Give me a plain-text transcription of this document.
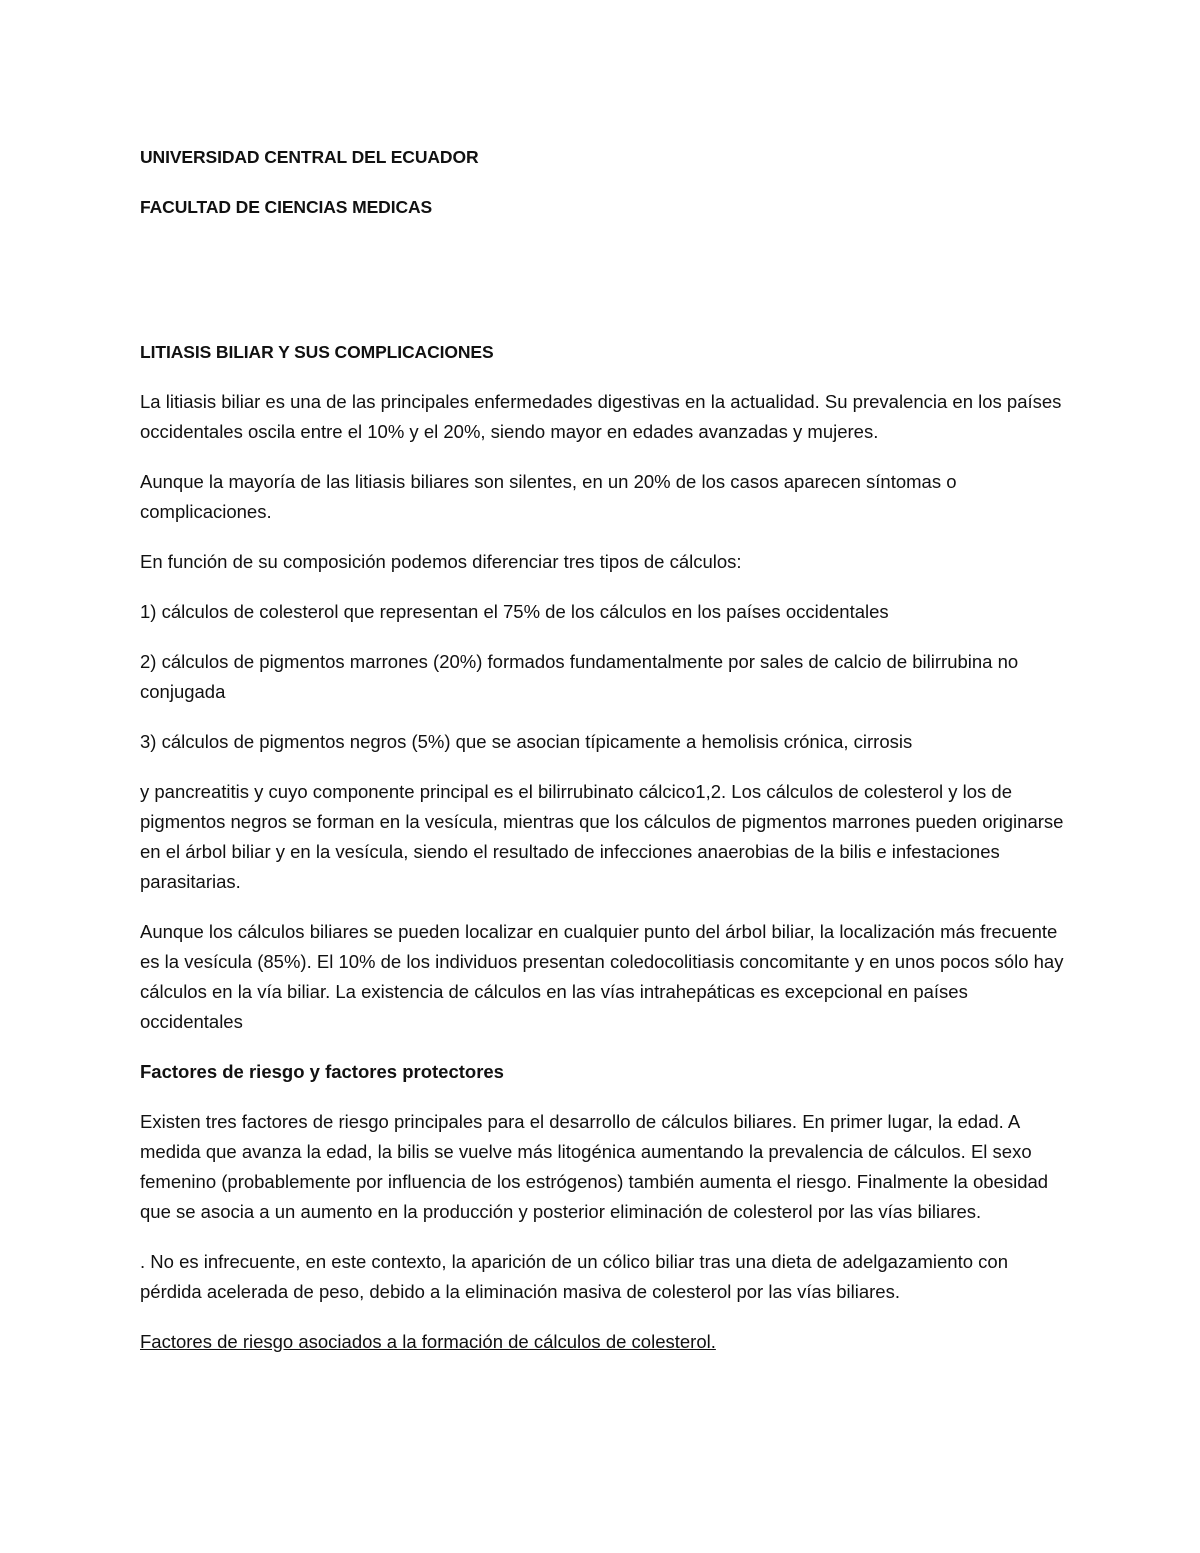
UNIVERSIDAD CENTRAL DEL ECUADOR

FACULTAD DE CIENCIAS MEDICAS

LITIASIS BILIAR Y SUS COMPLICACIONES

La litiasis biliar es una de las principales enfermedades digestivas en la actualidad. Su prevalencia en los países occidentales oscila entre el 10% y el 20%, siendo mayor en edades avanzadas y mujeres.

Aunque la mayoría de las litiasis biliares son silentes, en un 20% de los casos aparecen síntomas o complicaciones.

En función de su composición podemos diferenciar tres tipos de cálculos:

1) cálculos de colesterol que representan el 75% de los cálculos en los países occidentales

2) cálculos de pigmentos marrones (20%) formados fundamentalmente por sales de calcio de bilirrubina no conjugada

3) cálculos de pigmentos negros (5%) que se asocian típicamente a hemolisis crónica, cirrosis

y pancreatitis y cuyo componente principal es el bilirrubinato cálcico1,2. Los cálculos de colesterol y los de pigmentos negros se forman en la vesícula, mientras que los cálculos de pigmentos marrones pueden originarse en el árbol biliar y en la vesícula, siendo el resultado de infecciones anaerobias de la bilis e infestaciones parasitarias.

Aunque los cálculos biliares se pueden localizar en cualquier punto del árbol biliar, la localización más frecuente es la vesícula (85%). El 10% de los individuos presentan coledocolitiasis concomitante y en unos pocos sólo hay cálculos en la vía biliar. La existencia de cálculos en las vías intrahepáticas es excepcional en países occidentales

Factores de riesgo y factores protectores

Existen tres factores de riesgo principales para el desarrollo de cálculos biliares. En primer lugar, la edad. A medida que avanza la edad, la bilis se vuelve más litogénica aumentando la prevalencia de cálculos. El sexo femenino (probablemente por influencia de los estrógenos) también aumenta el riesgo. Finalmente la obesidad que se asocia a un aumento en la producción y posterior eliminación de colesterol por las vías biliares.

. No es infrecuente, en este contexto, la aparición de un cólico biliar tras una dieta de adelgazamiento con pérdida acelerada de peso, debido a la eliminación masiva de colesterol por las vías biliares.

Factores de riesgo asociados a la formación de cálculos de colesterol.
